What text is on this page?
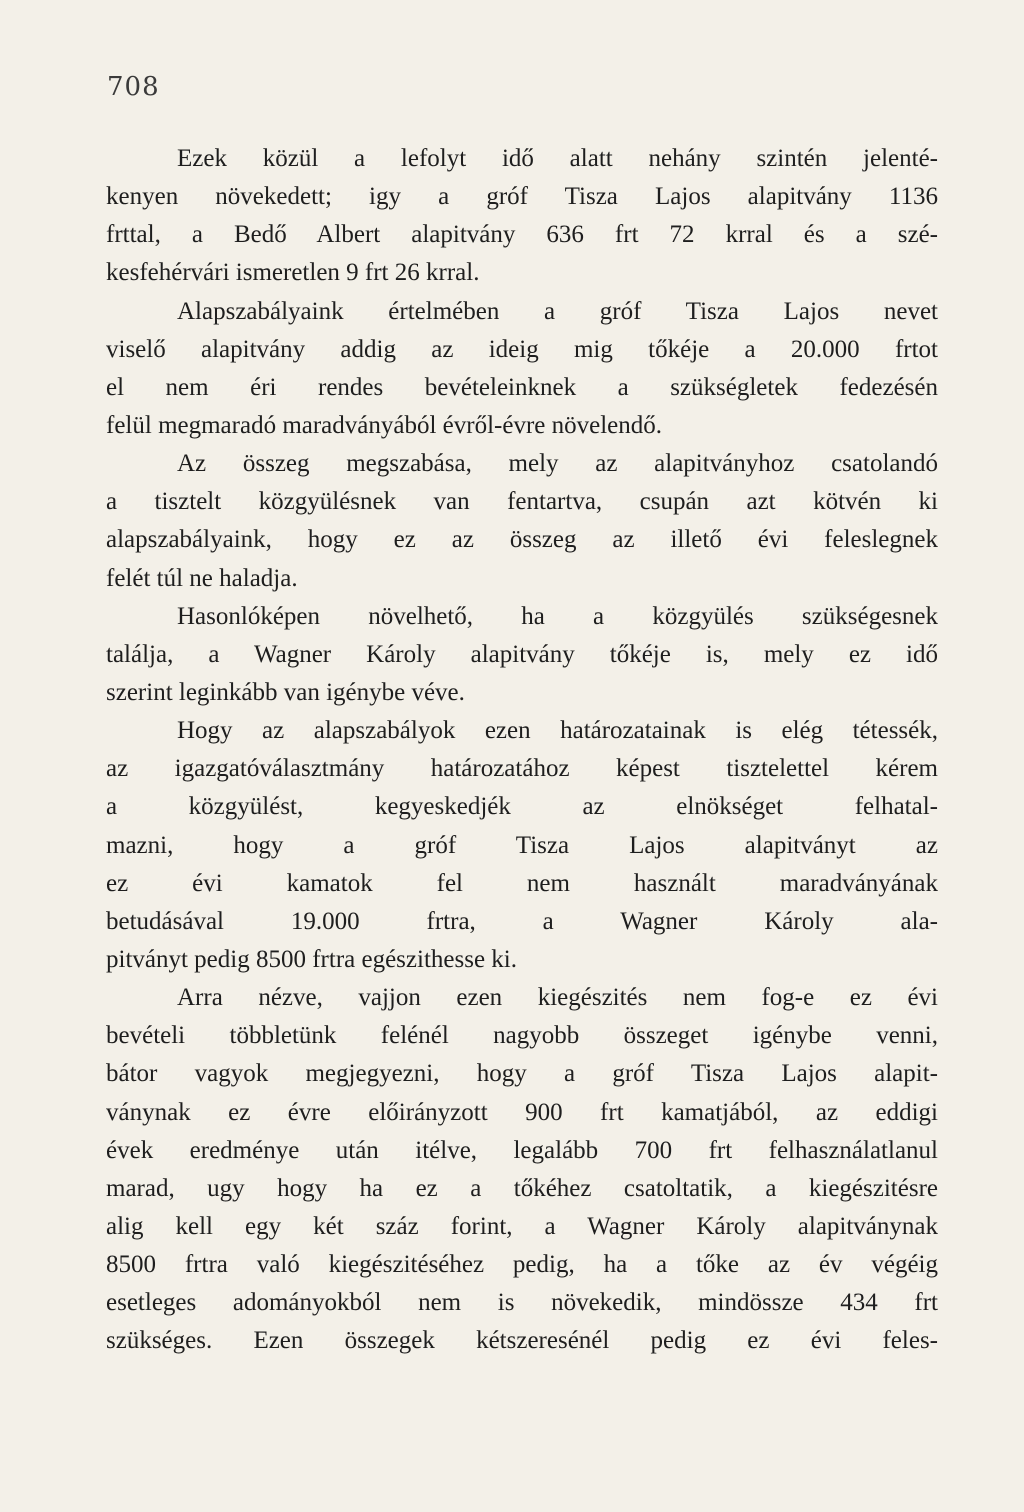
708
Ezek közül a lefolyt idő alatt nehány szintén jelenté-
kenyen növekedett; igy a gróf Tisza Lajos alapitvány 1136
frttal, a Bedő Albert alapitvány 636 frt 72 krral és a szé-
kesfehérvári ismeretlen 9 frt 26 krral.
Alapszabályaink értelmében a gróf Tisza Lajos nevet
viselő alapitvány addig az ideig mig tőkéje a 20.000 frtot
el nem éri rendes bevételeinknek a szükségletek fedezésén
felül megmaradó maradványából évről-évre növelendő.
Az összeg megszabása, mely az alapitványhoz csatolandó
a tisztelt közgyülésnek van fentartva, csupán azt kötvén ki
alapszabályaink, hogy ez az összeg az illető évi feleslegnek
felét túl ne haladja.
Hasonlóképen növelhető, ha a közgyülés szükségesnek
találja, a Wagner Károly alapitvány tőkéje is, mely ez idő
szerint leginkább van igénybe véve.
Hogy az alapszabályok ezen határozatainak is elég tétessék,
az igazgatóválasztmány határozatához képest tisztelettel kérem
a közgyülést, kegyeskedjék az elnökséget felhatal-
mazni, hogy a gróf Tisza Lajos alapitványt az
ez évi kamatok fel nem használt maradványának
betudásával 19.000 frtra, a Wagner Károly ala-
pitványt pedig 8500 frtra egészithesse ki.
Arra nézve, vajjon ezen kiegészités nem fog-e ez évi
bevételi többletünk felénél nagyobb összeget igénybe venni,
bátor vagyok megjegyezni, hogy a gróf Tisza Lajos alapit-
ványnak ez évre előirányzott 900 frt kamatjából, az eddigi
évek eredménye után itélve, legalább 700 frt felhasználatlanul
marad, ugy hogy ha ez a tőkéhez csatoltatik, a kiegészitésre
alig kell egy két száz forint, a Wagner Károly alapitványnak
8500 frtra való kiegészitéséhez pedig, ha a tőke az év végéig
esetleges adományokból nem is növekedik, mindössze 434 frt
szükséges. Ezen összegek kétszeresénél pedig ez évi feles-
